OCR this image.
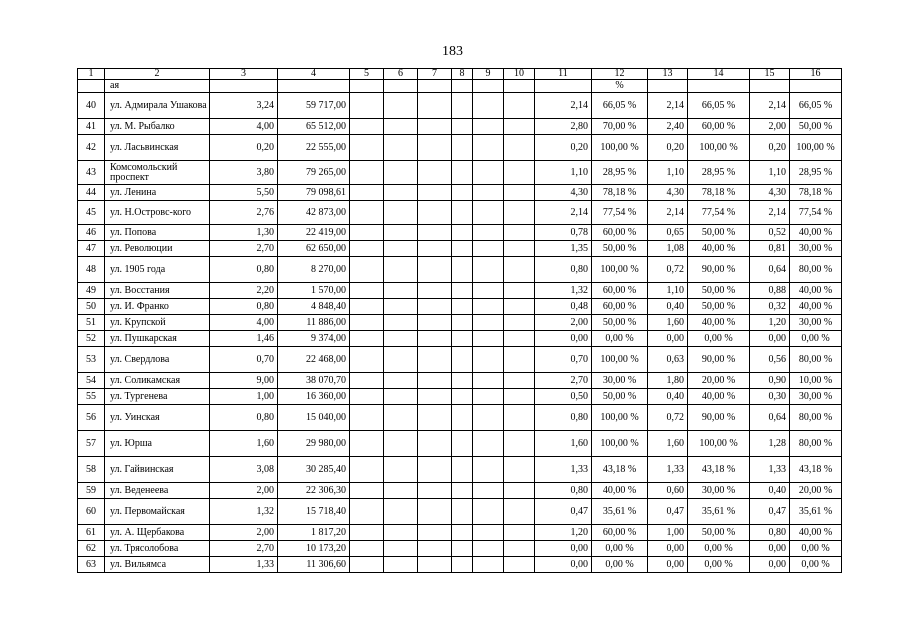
183
1	2	3	4	5	6	7	8	9	10	11	12	13	14	15	16
	ая										%				
40	ул. Адмирала Ушакова	3,24	59 717,00							2,14	66,05 %	2,14	66,05 %	2,14	66,05 %
41	ул. М. Рыбалко	4,00	65 512,00							2,80	70,00 %	2,40	60,00 %	2,00	50,00 %
42	ул. Ласьвинская	0,20	22 555,00							0,20	100,00 %	0,20	100,00 %	0,20	100,00 %
43	Комсомольский проспект	3,80	79 265,00							1,10	28,95 %	1,10	28,95 %	1,10	28,95 %
44	ул. Ленина	5,50	79 098,61							4,30	78,18 %	4,30	78,18 %	4,30	78,18 %
45	ул. Н.Островс-кого	2,76	42 873,00							2,14	77,54 %	2,14	77,54 %	2,14	77,54 %
46	ул. Попова	1,30	22 419,00							0,78	60,00 %	0,65	50,00 %	0,52	40,00 %
47	ул. Революции	2,70	62 650,00							1,35	50,00 %	1,08	40,00 %	0,81	30,00 %
48	ул. 1905 года	0,80	8 270,00							0,80	100,00 %	0,72	90,00 %	0,64	80,00 %
49	ул. Восстания	2,20	1 570,00							1,32	60,00 %	1,10	50,00 %	0,88	40,00 %
50	ул. И. Франко	0,80	4 848,40							0,48	60,00 %	0,40	50,00 %	0,32	40,00 %
51	ул. Крупской	4,00	11 886,00							2,00	50,00 %	1,60	40,00 %	1,20	30,00 %
52	ул. Пушкарская	1,46	9 374,00							0,00	0,00 %	0,00	0,00 %	0,00	0,00 %
53	ул. Свердлова	0,70	22 468,00							0,70	100,00 %	0,63	90,00 %	0,56	80,00 %
54	ул. Соликамская	9,00	38 070,70							2,70	30,00 %	1,80	20,00 %	0,90	10,00 %
55	ул. Тургенева	1,00	16 360,00							0,50	50,00 %	0,40	40,00 %	0,30	30,00 %
56	ул. Уинская	0,80	15 040,00							0,80	100,00 %	0,72	90,00 %	0,64	80,00 %
57	ул. Юрша	1,60	29 980,00							1,60	100,00 %	1,60	100,00 %	1,28	80,00 %
58	ул. Гайвинская	3,08	30 285,40							1,33	43,18 %	1,33	43,18 %	1,33	43,18 %
59	ул. Веденеева	2,00	22 306,30							0,80	40,00 %	0,60	30,00 %	0,40	20,00 %
60	ул. Первомайская	1,32	15 718,40							0,47	35,61 %	0,47	35,61 %	0,47	35,61 %
61	ул. А. Щербакова	2,00	1 817,20							1,20	60,00 %	1,00	50,00 %	0,80	40,00 %
62	ул. Трясолобова	2,70	10 173,20							0,00	0,00 %	0,00	0,00 %	0,00	0,00 %
63	ул. Вильямса	1,33	11 306,60							0,00	0,00 %	0,00	0,00 %	0,00	0,00 %
